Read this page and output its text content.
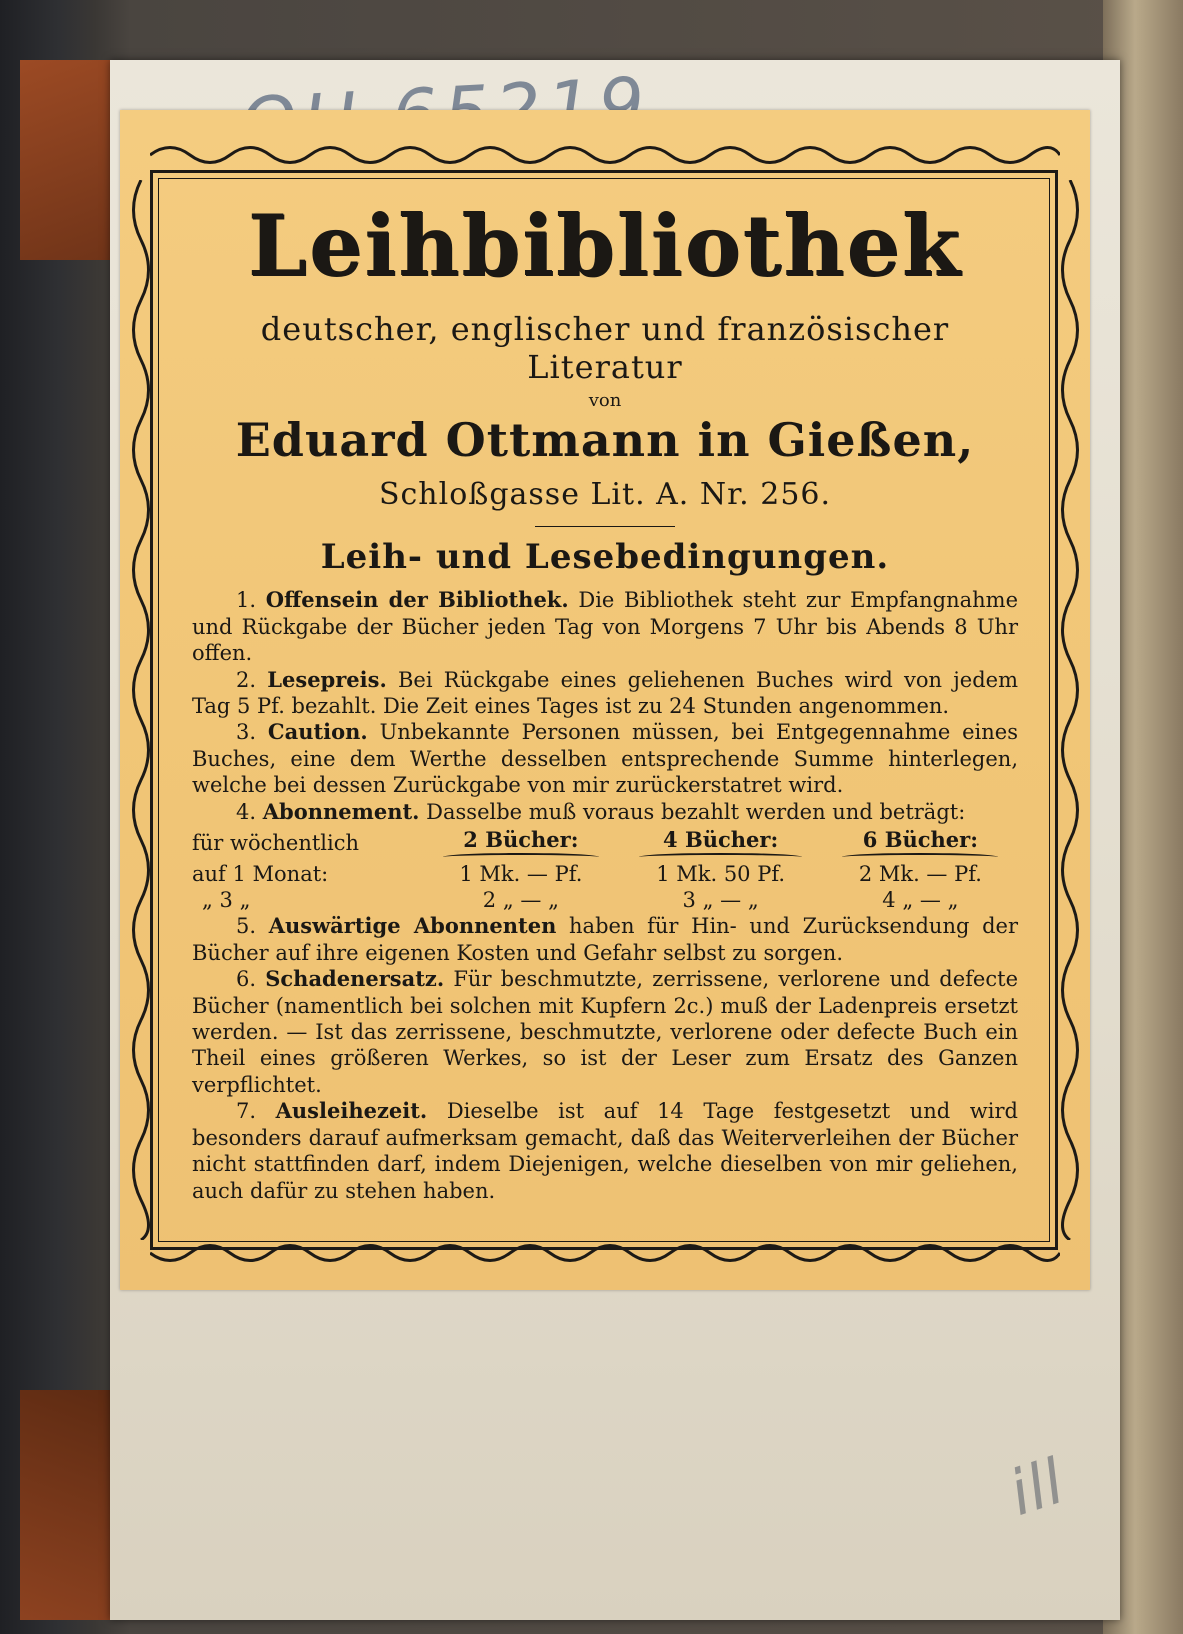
Leihbibliothek
deutscher, englischer und französischer Literatur
von
Eduard Ottmann in Gießen,
Schloßgasse Lit. A. Nr. 256.
Leih- und Lesebedingungen.

1. Offensein der Bibliothek. Die Bibliothek steht zur Empfangnahme und Rückgabe der Bücher jeden Tag von Morgens 7 Uhr bis Abends 8 Uhr offen.

2. Lesepreis. Bei Rückgabe eines geliehenen Buches wird von jedem Tag 5 Pf. bezahlt. Die Zeit eines Tages ist zu 24 Stunden angenommen.

3. Caution. Unbekannte Personen müssen, bei Entgegennahme eines Buches, eine dem Werthe desselben entsprechende Summe hinterlegen, welche bei dessen Zurückgabe von mir zurückerstatret wird.

4. Abonnement. Dasselbe muß voraus bezahlt werden und beträgt:

für wöchentlich	2 Bücher:	4 Bücher:	6 Bücher:

auf 1 Monat:	1 Mk. — Pf.	1 Mk. 50 Pf.	2 Mk. — Pf.
„ 3 „	2 „ — „	3 „ — „	4 „ — „

5. Auswärtige Abonnenten haben für Hin- und Zurücksendung der Bücher auf ihre eigenen Kosten und Gefahr selbst zu sorgen.

6. Schadenersatz. Für beschmutzte, zerrissene, verlorene und defecte Bücher (namentlich bei solchen mit Kupfern 2c.) muß der Ladenpreis ersetzt werden. — Ist das zerrissene, beschmutzte, verlorene oder defecte Buch ein Theil eines größeren Werkes, so ist der Leser zum Ersatz des Ganzen verpflichtet.

7. Ausleihezeit. Dieselbe ist auf 14 Tage festgesetzt und wird besonders darauf aufmerksam gemacht, daß das Weiterverleihen der Bücher nicht stattfinden darf, indem Diejenigen, welche dieselben von mir geliehen, auch dafür zu stehen haben.

ill
